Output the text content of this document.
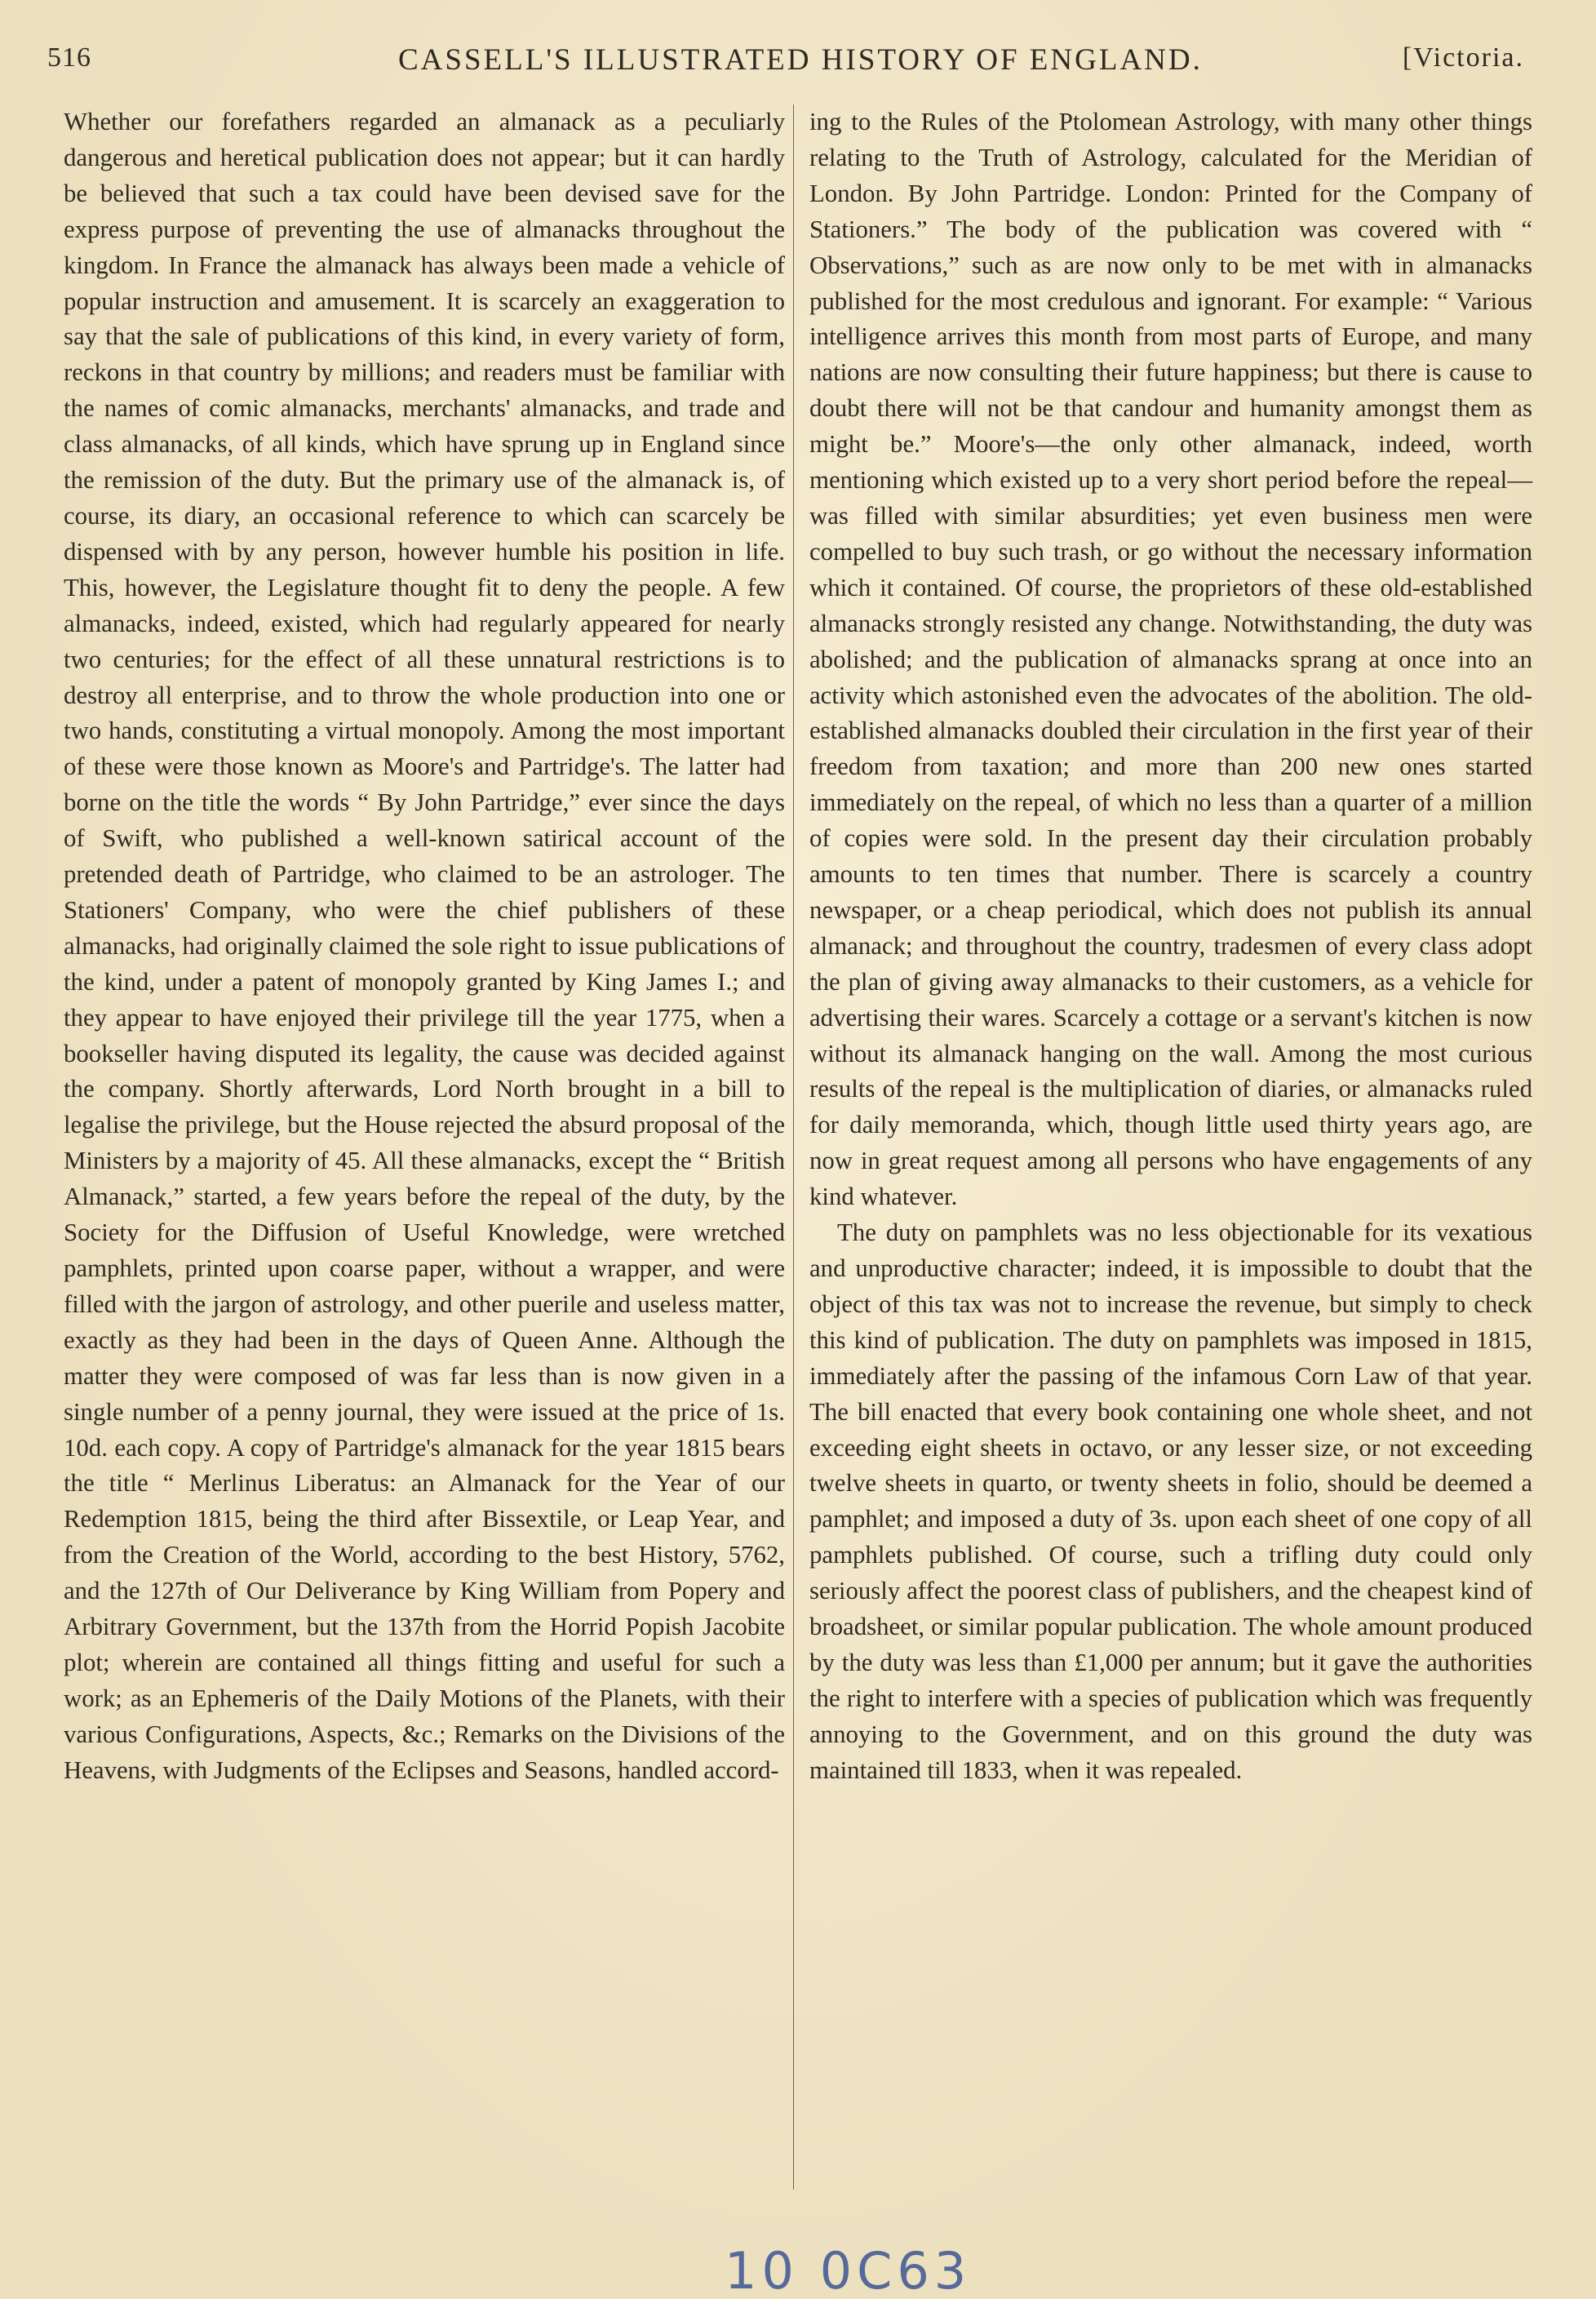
516	CASSELL'S ILLUSTRATED HISTORY OF ENGLAND.	[Victoria.

Whether our forefathers regarded an almanack as a peculiarly dangerous and heretical publication does not appear; but it can hardly be believed that such a tax could have been devised save for the express purpose of preventing the use of almanacks throughout the kingdom. In France the almanack has always been made a vehicle of popular instruction and amusement. It is scarcely an exaggeration to say that the sale of publications of this kind, in every variety of form, reckons in that country by millions; and readers must be familiar with the names of comic almanacks, merchants' almanacks, and trade and class almanacks, of all kinds, which have sprung up in England since the remission of the duty. But the primary use of the almanack is, of course, its diary, an occasional reference to which can scarcely be dispensed with by any person, however humble his position in life. This, however, the Legislature thought fit to deny the people. A few almanacks, indeed, existed, which had regularly appeared for nearly two centuries; for the effect of all these unnatural restrictions is to destroy all enterprise, and to throw the whole production into one or two hands, constituting a virtual monopoly. Among the most important of these were those known as Moore's and Partridge's. The latter had borne on the title the words “ By John Partridge,” ever since the days of Swift, who published a well-known satirical account of the pretended death of Partridge, who claimed to be an astrologer. The Stationers' Company, who were the chief publishers of these almanacks, had originally claimed the sole right to issue publications of the kind, under a patent of monopoly granted by King James I.; and they appear to have enjoyed their privilege till the year 1775, when a bookseller having disputed its legality, the cause was decided against the company. Shortly afterwards, Lord North brought in a bill to legalise the privilege, but the House rejected the absurd proposal of the Ministers by a majority of 45. All these almanacks, except the “ British Almanack,” started, a few years before the repeal of the duty, by the Society for the Diffusion of Useful Knowledge, were wretched pamphlets, printed upon coarse paper, without a wrapper, and were filled with the jargon of astrology, and other puerile and useless matter, exactly as they had been in the days of Queen Anne. Although the matter they were composed of was far less than is now given in a single number of a penny journal, they were issued at the price of 1s. 10d. each copy. A copy of Partridge's almanack for the year 1815 bears the title “ Merlinus Liberatus: an Almanack for the Year of our Redemption 1815, being the third after Bissextile, or Leap Year, and from the Creation of the World, according to the best History, 5762, and the 127th of Our Deliverance by King William from Popery and Arbitrary Government, but the 137th from the Horrid Popish Jacobite plot; wherein are contained all things fitting and useful for such a work; as an Ephemeris of the Daily Motions of the Planets, with their various Configurations, Aspects, &c.; Remarks on the Divisions of the Heavens, with Judgments of the Eclipses and Seasons, handled accord-

ing to the Rules of the Ptolomean Astrology, with many other things relating to the Truth of Astrology, calculated for the Meridian of London. By John Partridge. London: Printed for the Company of Stationers.” The body of the publication was covered with “ Observations,” such as are now only to be met with in almanacks published for the most credulous and ignorant. For example: “ Various intelligence arrives this month from most parts of Europe, and many nations are now consulting their future happiness; but there is cause to doubt there will not be that candour and humanity amongst them as might be.” Moore's—the only other almanack, indeed, worth mentioning which existed up to a very short period before the repeal—was filled with similar absurdities; yet even business men were compelled to buy such trash, or go without the necessary information which it contained. Of course, the proprietors of these old-established almanacks strongly resisted any change. Notwithstanding, the duty was abolished; and the publication of almanacks sprang at once into an activity which astonished even the advocates of the abolition. The old-established almanacks doubled their circulation in the first year of their freedom from taxation; and more than 200 new ones started immediately on the repeal, of which no less than a quarter of a million of copies were sold. In the present day their circulation probably amounts to ten times that number. There is scarcely a country newspaper, or a cheap periodical, which does not publish its annual almanack; and throughout the country, tradesmen of every class adopt the plan of giving away almanacks to their customers, as a vehicle for advertising their wares. Scarcely a cottage or a servant's kitchen is now without its almanack hanging on the wall. Among the most curious results of the repeal is the multiplication of diaries, or almanacks ruled for daily memoranda, which, though little used thirty years ago, are now in great request among all persons who have engagements of any kind whatever.

The duty on pamphlets was no less objectionable for its vexatious and unproductive character; indeed, it is impossible to doubt that the object of this tax was not to increase the revenue, but simply to check this kind of publication. The duty on pamphlets was imposed in 1815, immediately after the passing of the infamous Corn Law of that year. The bill enacted that every book containing one whole sheet, and not exceeding eight sheets in octavo, or any lesser size, or not exceeding twelve sheets in quarto, or twenty sheets in folio, should be deemed a pamphlet; and imposed a duty of 3s. upon each sheet of one copy of all pamphlets published. Of course, such a trifling duty could only seriously affect the poorest class of publishers, and the cheapest kind of broadsheet, or similar popular publication. The whole amount produced by the duty was less than £1,000 per annum; but it gave the authorities the right to interfere with a species of publication which was frequently annoying to the Government, and on this ground the duty was maintained till 1833, when it was repealed.

10 0C63
